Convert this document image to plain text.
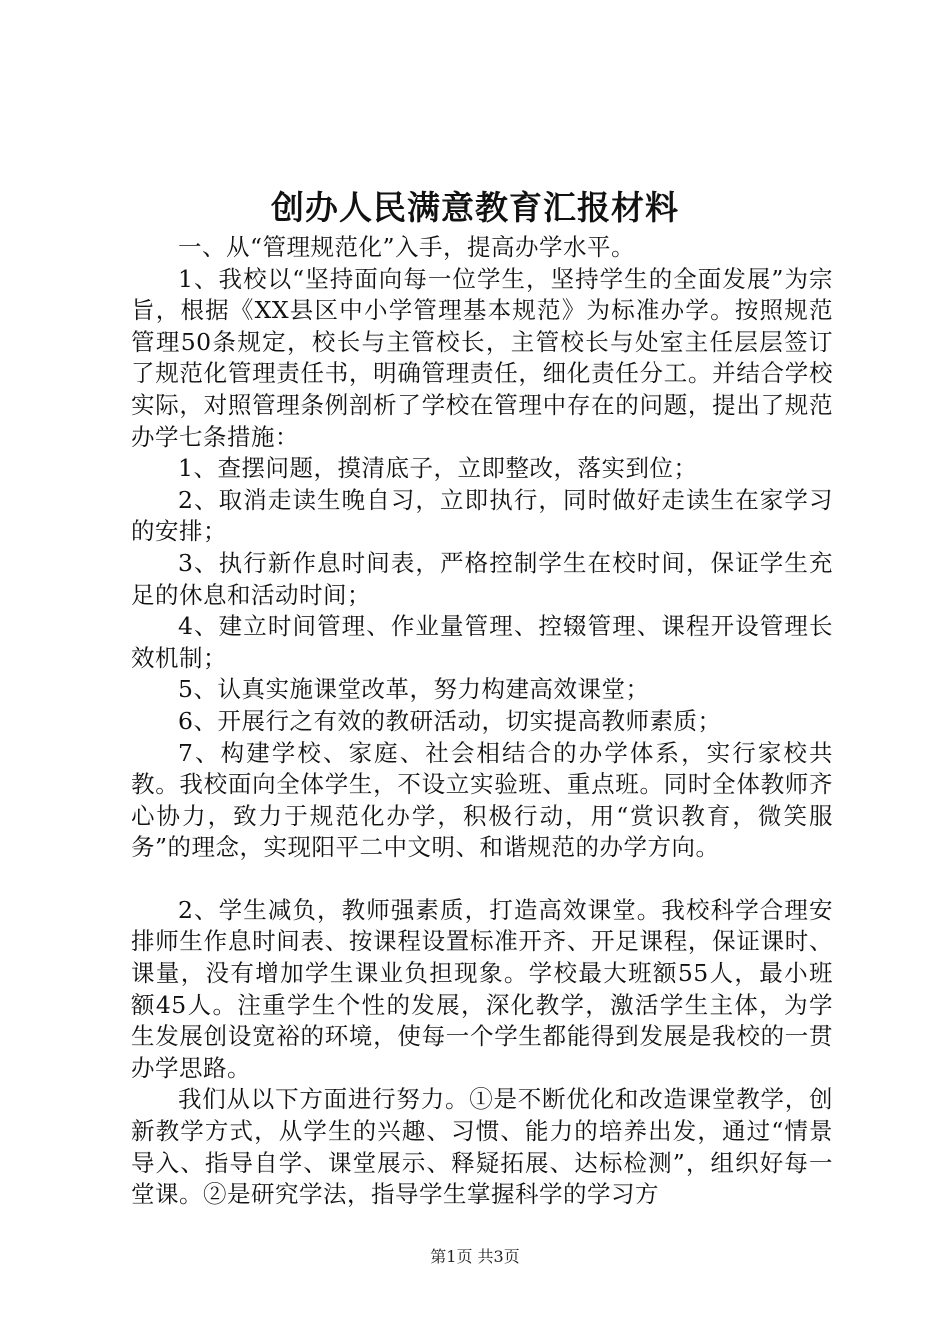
创办人民满意教育汇报材料

一、从“管理规范化”入手，提高办学水平。

1、我校以“坚持面向每一位学生，坚持学生的全面发展”为宗旨，根据《XX县区中小学管理基本规范》为标准办学。按照规范管理50条规定，校长与主管校长，主管校长与处室主任层层签订了规范化管理责任书，明确管理责任，细化责任分工。并结合学校实际，对照管理条例剖析了学校在管理中存在的问题，提出了规范办学七条措施：

1、查摆问题，摸清底子，立即整改，落实到位；

2、取消走读生晚自习，立即执行，同时做好走读生在家学习的安排；

3、执行新作息时间表，严格控制学生在校时间，保证学生充足的休息和活动时间；

4、建立时间管理、作业量管理、控辍管理、课程开设管理长效机制；

5、认真实施课堂改革，努力构建高效课堂；

6、开展行之有效的教研活动，切实提高教师素质；

7、构建学校、家庭、社会相结合的办学体系，实行家校共教。我校面向全体学生，不设立实验班、重点班。同时全体教师齐心协力，致力于规范化办学，积极行动，用“赏识教育，微笑服务”的理念，实现阳平二中文明、和谐规范的办学方向。

2、学生减负，教师强素质，打造高效课堂。我校科学合理安排师生作息时间表、按课程设置标准开齐、开足课程，保证课时、课量，没有增加学生课业负担现象。学校最大班额55人，最小班额45人。注重学生个性的发展，深化教学，激活学生主体，为学生发展创设宽裕的环境，使每一个学生都能得到发展是我校的一贯办学思路。

我们从以下方面进行努力。①是不断优化和改造课堂教学，创新教学方式，从学生的兴趣、习惯、能力的培养出发，通过“情景导入、指导自学、课堂展示、释疑拓展、达标检测”，组织好每一堂课。②是研究学法，指导学生掌握科学的学习方

第1页 共3页
